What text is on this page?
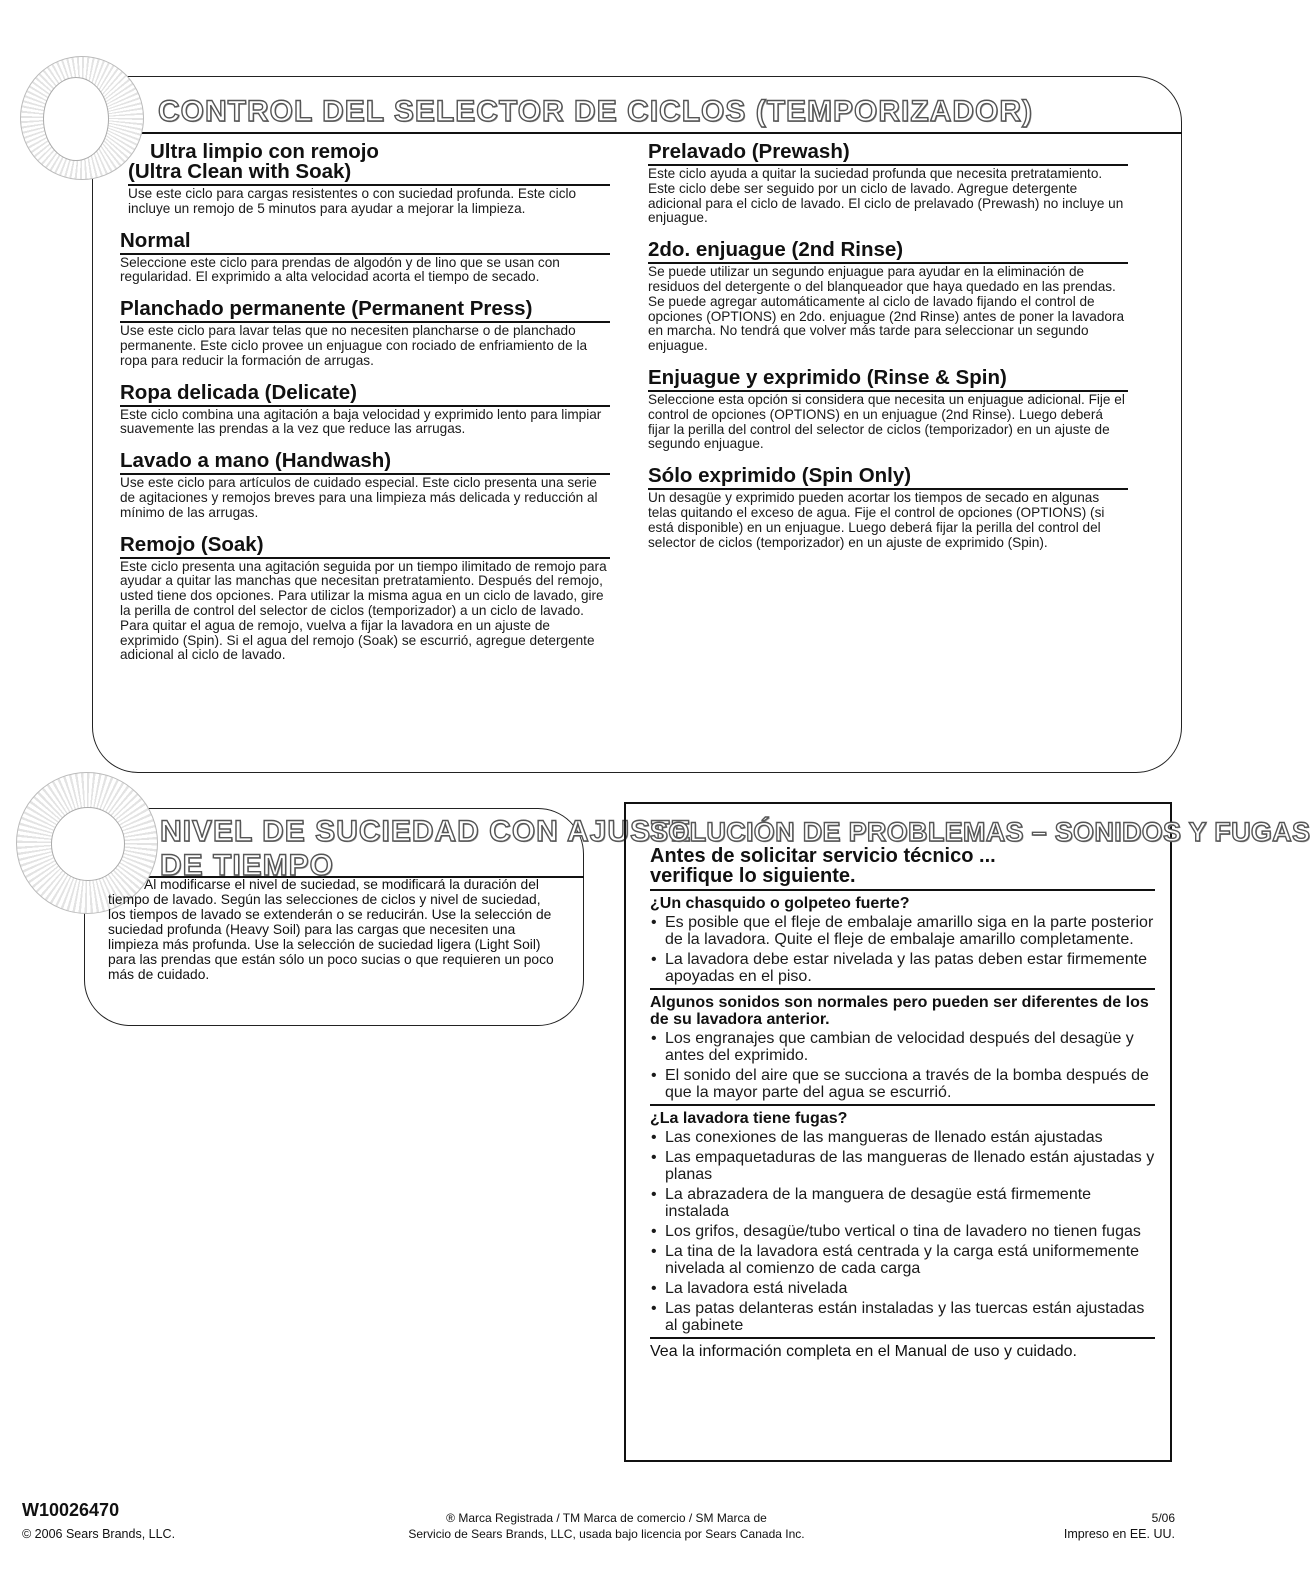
CONTROL DEL SELECTOR DE CICLOS (TEMPORIZADOR)
Ultra limpio con remojo
(Ultra Clean with Soak)

Use este ciclo para cargas resistentes o con suciedad profunda. Este ciclo incluye un remojo de 5 minutos para ayudar a mejorar la limpieza.

Normal

Seleccione este ciclo para prendas de algodón y de lino que se usan con regularidad. El exprimido a alta velocidad acorta el tiempo de secado.

Planchado permanente (Permanent Press)

Use este ciclo para lavar telas que no necesiten plancharse o de planchado permanente. Este ciclo provee un enjuague con rociado de enfriamiento de la ropa para reducir la formación de arrugas.

Ropa delicada (Delicate)

Este ciclo combina una agitación a baja velocidad y exprimido lento para limpiar suavemente las prendas a la vez que reduce las arrugas.

Lavado a mano (Handwash)

Use este ciclo para artículos de cuidado especial. Este ciclo presenta una serie de agitaciones y remojos breves para una limpieza más delicada y reducción al mínimo de las arrugas.

Remojo (Soak)

Este ciclo presenta una agitación seguida por un tiempo ilimitado de remojo para ayudar a quitar las manchas que necesitan pretratamiento. Después del remojo, usted tiene dos opciones. Para utilizar la misma agua en un ciclo de lavado, gire la perilla de control del selector de ciclos (temporizador) a un ciclo de lavado. Para quitar el agua de remojo, vuelva a fijar la lavadora en un ajuste de exprimido (Spin). Si el agua del remojo (Soak) se escurrió, agregue detergente adicional al ciclo de lavado.

Prelavado (Prewash)

Este ciclo ayuda a quitar la suciedad profunda que necesita pretratamiento. Este ciclo debe ser seguido por un ciclo de lavado. Agregue detergente adicional para el ciclo de lavado. El ciclo de prelavado (Prewash) no incluye un enjuague.

2do. enjuague (2nd Rinse)

Se puede utilizar un segundo enjuague para ayudar en la eliminación de residuos del detergente o del blanqueador que haya quedado en las prendas. Se puede agregar automáticamente al ciclo de lavado fijando el control de opciones (OPTIONS) en 2do. enjuague (2nd Rinse) antes de poner la lavadora en marcha. No tendrá que volver más tarde para seleccionar un segundo enjuague.

Enjuague y exprimido (Rinse & Spin)

Seleccione esta opción si considera que necesita un enjuague adicional. Fije el control de opciones (OPTIONS) en un enjuague (2nd Rinse). Luego deberá fijar la perilla del control del selector de ciclos (temporizador) en un ajuste de segundo enjuague.

Sólo exprimido (Spin Only)

Un desagüe y exprimido pueden acortar los tiempos de secado en algunas telas quitando el exceso de agua. Fije el control de opciones (OPTIONS) (si está disponible) en un enjuague. Luego deberá fijar la perilla del control del selector de ciclos (temporizador) en un ajuste de exprimido (Spin).

NIVEL DE SUCIEDAD CON AJUSTE
DE TIEMPO

Al modificarse el nivel de suciedad, se modificará la duración del tiempo de lavado. Según las selecciones de ciclos y nivel de suciedad, los tiempos de lavado se extenderán o se reducirán. Use la selección de suciedad profunda (Heavy Soil) para las cargas que necesiten una limpieza más profunda. Use la selección de suciedad ligera (Light Soil) para las prendas que están sólo un poco sucias o que requieren un poco más de cuidado.

SOLUCIÓN DE PROBLEMAS – SONIDOS Y FUGAS

Antes de solicitar servicio técnico ...

verifique lo siguiente.

¿Un chasquido o golpeteo fuerte?

• Es posible que el fleje de embalaje amarillo siga en la parte posterior de la lavadora. Quite el fleje de embalaje amarillo completamente.
• La lavadora debe estar nivelada y las patas deben estar firmemente apoyadas en el piso.

Algunos sonidos son normales pero pueden ser diferentes de los de su lavadora anterior.

• Los engranajes que cambian de velocidad después del desagüe y antes del exprimido.
• El sonido del aire que se succiona a través de la bomba después de que la mayor parte del agua se escurrió.

¿La lavadora tiene fugas?

• Las conexiones de las mangueras de llenado están ajustadas
• Las empaquetaduras de las mangueras de llenado están ajustadas y planas
• La abrazadera de la manguera de desagüe está firmemente instalada
• Los grifos, desagüe/tubo vertical o tina de lavadero no tienen fugas
• La tina de la lavadora está centrada y la carga está uniformemente nivelada al comienzo de cada carga
• La lavadora está nivelada
• Las patas delanteras están instaladas y las tuercas están ajustadas al gabinete

Vea la información completa en el Manual de uso y cuidado.

W10026470
© 2006 Sears Brands, LLC.
® Marca Registrada / TM Marca de comercio / SM Marca de
Servicio de Sears Brands, LLC, usada bajo licencia por Sears Canada Inc.
5/06
Impreso en EE. UU.
